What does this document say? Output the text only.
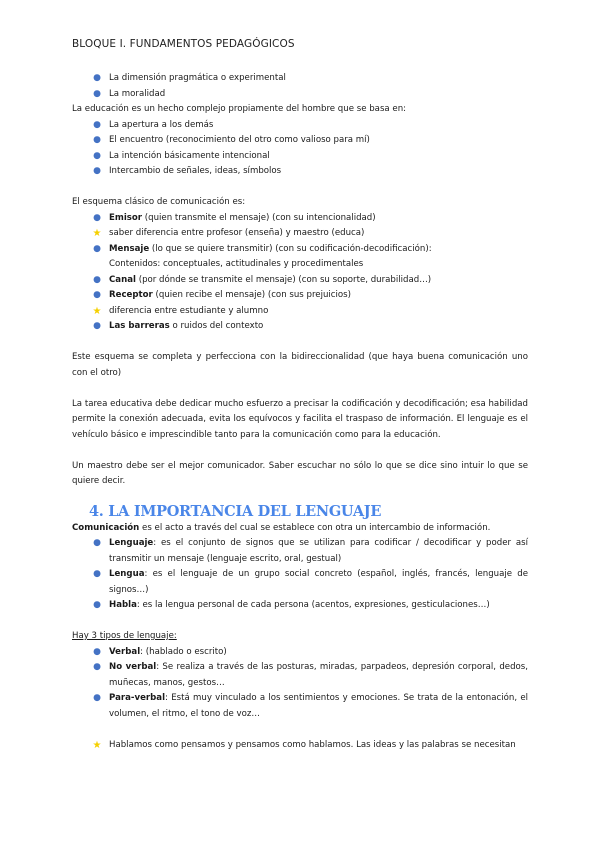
BLOQUE I. FUNDAMENTOS PEDAGÓGICOS
● La dimensión pragmática o experimental
● La moralidad
La educación es un hecho complejo propiamente del hombre que se basa en:
● La apertura a los demás
● El encuentro (reconocimiento del otro como valioso para mí)
● La intención básicamente intencional
● Intercambio de señales, ideas, símbolos
El esquema clásico de comunicación es:
● Emisor (quien transmite el mensaje) (con su intencionalidad)
★ saber diferencia entre profesor (enseña) y maestro (educa)
● Mensaje (lo que se quiere transmitir) (con su codificación-decodificación):
Contenidos: conceptuales, actitudinales y procedimentales
● Canal (por dónde se transmite el mensaje) (con su soporte, durabilidad…)
● Receptor (quien recibe el mensaje) (con sus prejuicios)
★ diferencia entre estudiante y alumno
● Las barreras o ruidos del contexto
Este esquema se completa y perfecciona con la bidireccionalidad (que haya buena comunicación uno con el otro)
La tarea educativa debe dedicar mucho esfuerzo a precisar la codificación y decodificación; esa habilidad permite la conexión adecuada, evita los equívocos y facilita el traspaso de información. El lenguaje es el vehículo básico e imprescindible tanto para la comunicación como para la educación.
Un maestro debe ser el mejor comunicador. Saber escuchar no sólo lo que se dice sino intuir lo que se quiere decir.
4. LA IMPORTANCIA DEL LENGUAJE
Comunicación es el acto a través del cual se establece con otra un intercambio de información.
● Lenguaje: es el conjunto de signos que se utilizan para codificar / decodificar y poder así transmitir un mensaje (lenguaje escrito, oral, gestual)
● Lengua: es el lenguaje de un grupo social concreto (español, inglés, francés, lenguaje de signos…)
● Habla: es la lengua personal de cada persona (acentos, expresiones, gesticulaciones…)
Hay 3 tipos de lenguaje:
● Verbal: (hablado o escrito)
● No verbal: Se realiza a través de las posturas, miradas, parpadeos, depresión corporal, dedos, muñecas, manos, gestos…
● Para-verbal: Está muy vinculado a los sentimientos y emociones. Se trata de la entonación, el volumen, el ritmo, el tono de voz…
★ Hablamos como pensamos y pensamos como hablamos. Las ideas y las palabras se necesitan
